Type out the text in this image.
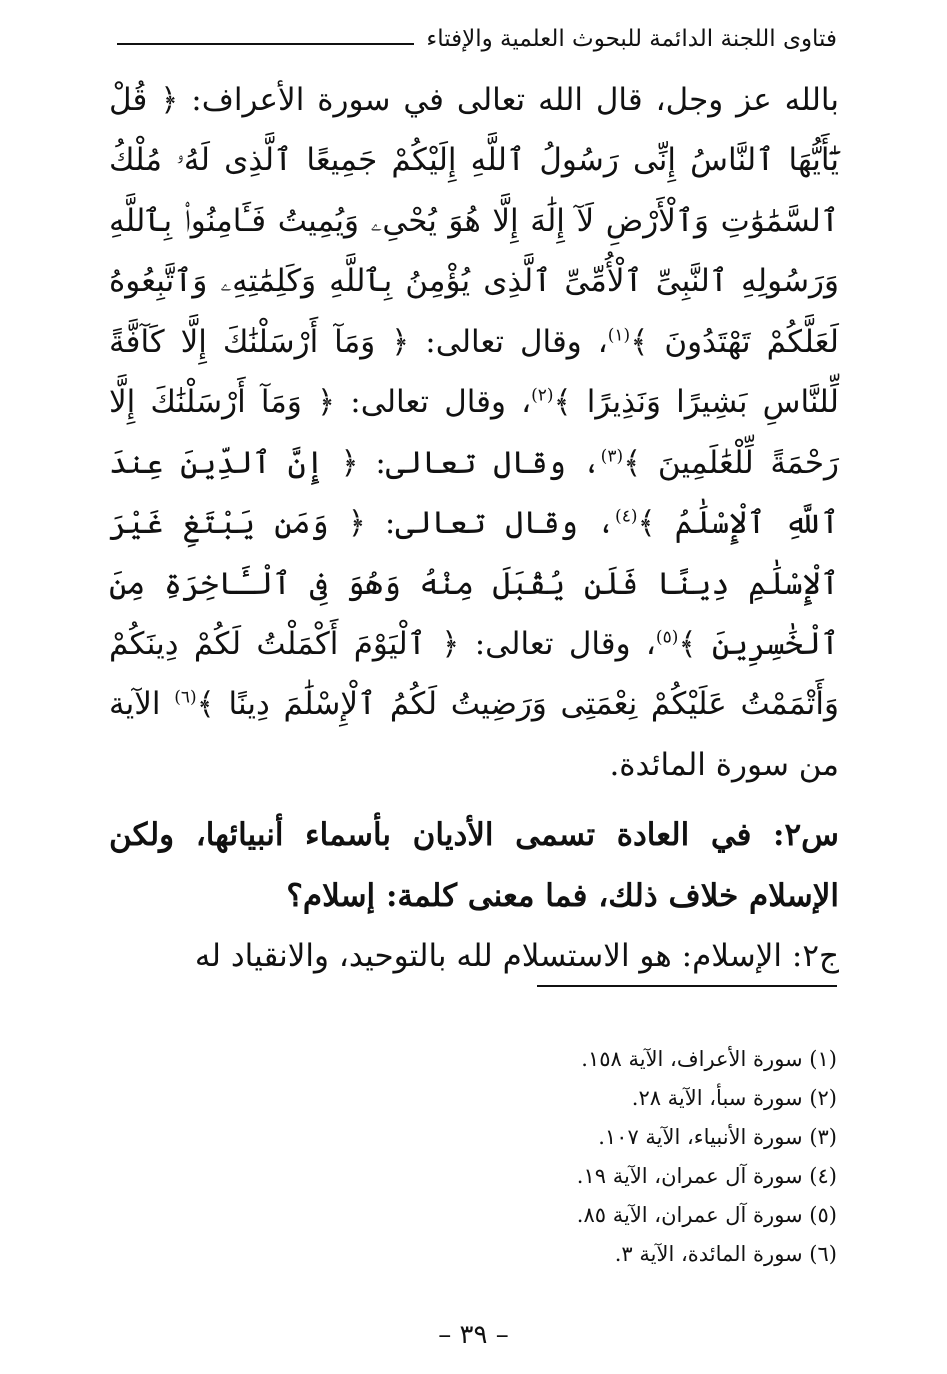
فتاوى اللجنة الدائمة للبحوث العلمية والإفتاء

بالله عز وجل، قال الله تعالى في سورة الأعراف: ﴿ قُلْ يَٰٓأَيُّهَا ٱلنَّاسُ إِنِّى رَسُولُ ٱللَّهِ إِلَيْكُمْ جَمِيعًا ٱلَّذِى لَهُۥ مُلْكُ ٱلسَّمَٰوَٰتِ وَٱلْأَرْضِ لَآ إِلَٰهَ إِلَّا هُوَ يُحْىِۦ وَيُمِيتُ فَـَٔامِنُوا۟ بِٱللَّهِ وَرَسُولِهِ ٱلنَّبِىِّ ٱلْأُمِّىِّ ٱلَّذِى يُؤْمِنُ بِٱللَّهِ وَكَلِمَٰتِهِۦ وَٱتَّبِعُوهُ لَعَلَّكُمْ تَهْتَدُونَ ﴾$^{(١)}$، وقال تعالى: ﴿ وَمَآ أَرْسَلْنَٰكَ إِلَّا كَآفَّةً لِّلنَّاسِ بَشِيرًا وَنَذِيرًا ﴾$^{(٢)}$، وقال تعالى: ﴿ وَمَآ أَرْسَلْنَٰكَ إِلَّا رَحْمَةً لِّلْعَٰلَمِينَ ﴾$^{(٣)}$، وقال تعالى: ﴿ إِنَّ ٱلدِّينَ عِندَ ٱللَّهِ ٱلْإِسْلَٰمُ ﴾$^{(٤)}$، وقال تعالى: ﴿ وَمَن يَبْتَغِ غَيْرَ ٱلْإِسْلَٰمِ دِينًا فَلَن يُقْبَلَ مِنْهُ وَهُوَ فِى ٱلْـَٔاخِرَةِ مِنَ ٱلْخَٰسِرِينَ ﴾$^{(٥)}$، وقال تعالى: ﴿ ٱلْيَوْمَ أَكْمَلْتُ لَكُمْ دِينَكُمْ وَأَتْمَمْتُ عَلَيْكُمْ نِعْمَتِى وَرَضِيتُ لَكُمُ ٱلْإِسْلَٰمَ دِينًا ﴾$^{(٦)}$ الآية من سورة المائدة.

س٢: في العادة تسمى الأديان بأسماء أنبيائها، ولكن الإسلام خلاف ذلك، فما معنى كلمة: إسلام؟

ج٢: الإسلام: هو الاستسلام لله بالتوحيد، والانقياد له

(١) سورة الأعراف، الآية ١٥٨.
(٢) سورة سبأ، الآية ٢٨.
(٣) سورة الأنبياء، الآية ١٠٧.
(٤) سورة آل عمران، الآية ١٩.
(٥) سورة آل عمران، الآية ٨٥.
(٦) سورة المائدة، الآية ٣.
– ٣٩ –
